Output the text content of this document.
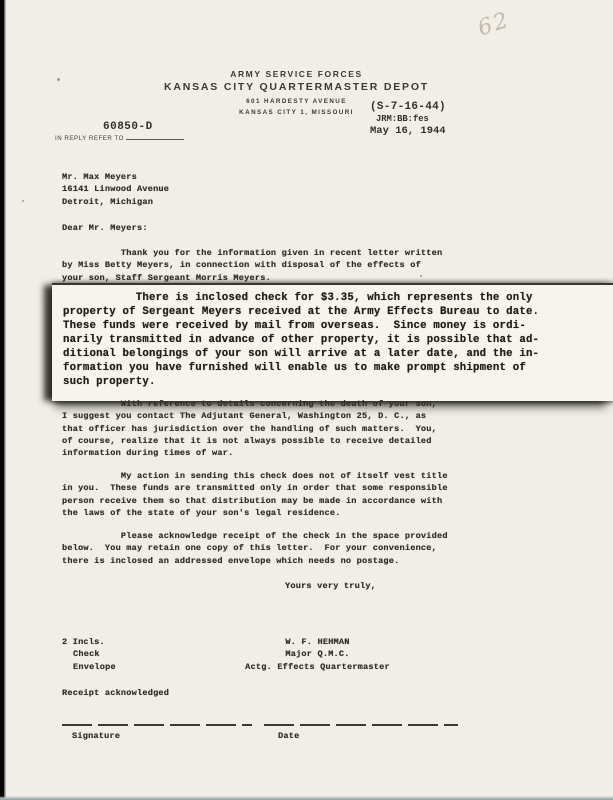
62
ARMY SERVICE FORCES
KANSAS CITY QUARTERMASTER DEPOT
601 HARDESTY AVENUE
KANSAS CITY 1, MISSOURI	(S-7-16-44)
JRM:BB:fes
May 16, 1944
60850-D
IN REPLY REFER TO
Mr. Max Meyers
16141 Linwood Avenue
Detroit, Michigan
Dear Mr. Meyers:
Thank you for the information given in recent letter written
by Miss Betty Meyers, in connection with disposal of the effects of
your son, Staff Sergeant Morris Meyers.
There is inclosed check for $3.35, which represents the only
property of Sergeant Meyers received at the Army Effects Bureau to date.
These funds were received by mail from overseas.  Since money is ordi-
narily transmitted in advance of other property, it is possible that ad-
ditional belongings of your son will arrive at a later date, and the in-
formation you have furnished will enable us to make prompt shipment of
such property.
With reference to details concerning the death of your son,
I suggest you contact The Adjutant General, Washington 25, D. C., as
that officer has jurisdiction over the handling of such matters.  You,
of course, realize that it is not always possible to receive detailed
information during times of war.
My action in sending this check does not of itself vest title
in you.  These funds are transmitted only in order that some responsible
person receive them so that distribution may be made in accordance with
the laws of the state of your son's legal residence.
Please acknowledge receipt of the check in the space provided
below.  You may retain one copy of this letter.  For your convenience,
there is inclosed an addressed envelope which needs no postage.
Yours very truly,
2 Incls.
Check
Envelope
W. F. HEHMAN
Major Q.M.C.
Actg. Effects Quartermaster
Receipt acknowledged
Signature	Date
